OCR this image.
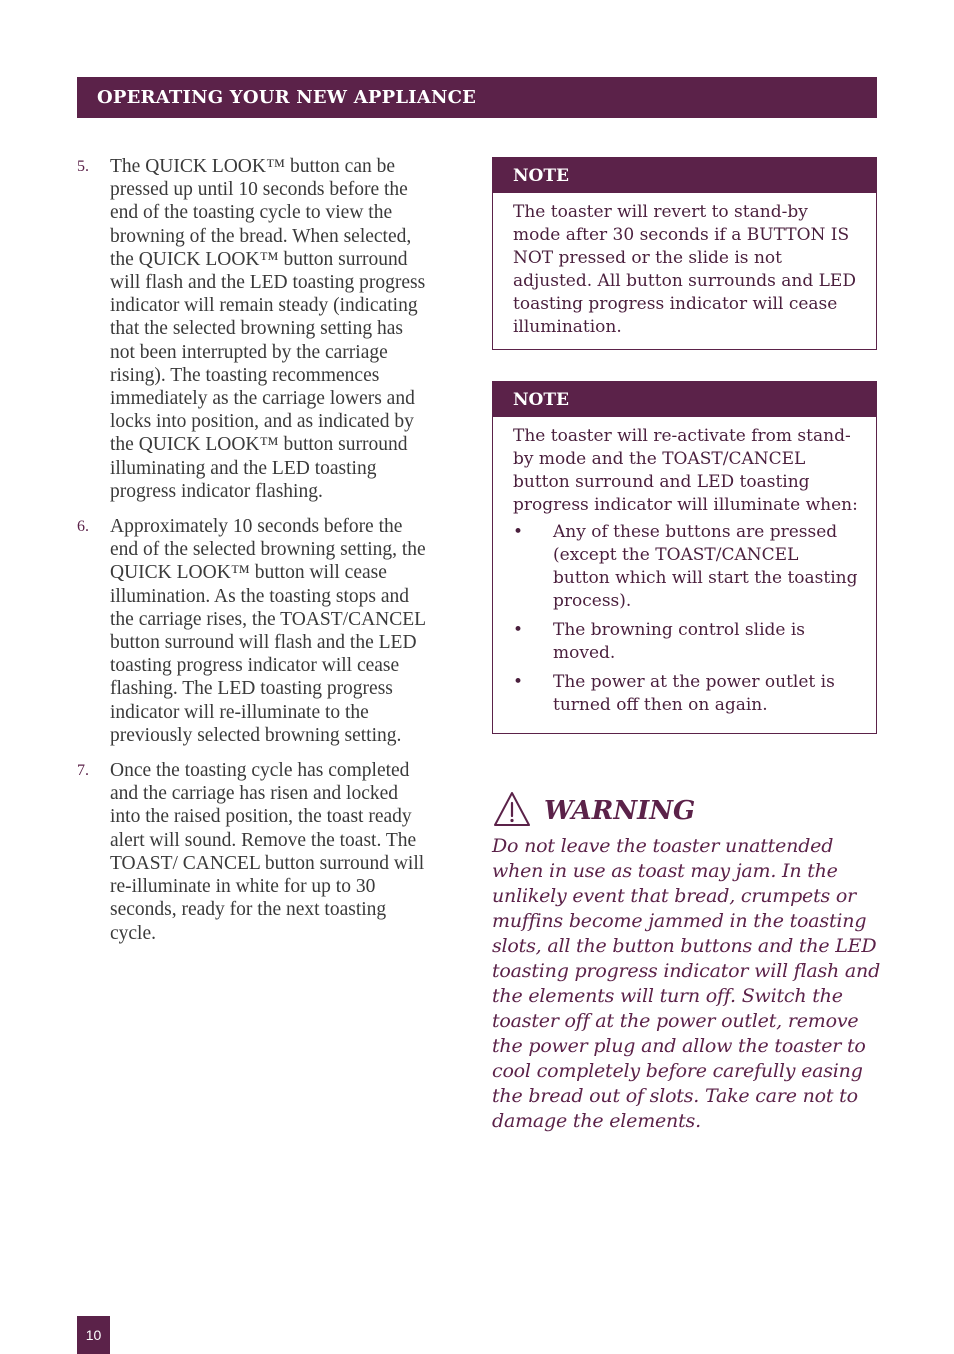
OPERATING YOUR NEW APPLIANCE
5.	The QUICK LOOK™ button can be pressed up until 10 seconds before the end of the toasting cycle to view the browning of the bread. When selected, the QUICK LOOK™ button surround will flash and the LED toasting progress indicator will remain steady (indicating that the selected browning setting has not been interrupted by the carriage rising). The toasting recommences immediately as the carriage lowers and locks into position, and as indicated by the QUICK LOOK™ button surround illuminating and the LED toasting progress indicator flashing.
6.	Approximately 10 seconds before the end of the selected browning setting, the QUICK LOOK™ button will cease illumination. As the toasting stops and the carriage rises, the TOAST/CANCEL button surround will flash and the LED toasting progress indicator will cease flashing. The LED toasting progress indicator will re-illuminate to the previously selected browning setting.
7.	Once the toasting cycle has completed and the carriage has risen and locked into the raised position, the toast ready alert will sound. Remove the toast. The TOAST/ CANCEL button surround will re-illuminate in white for up to 30 seconds, ready for the next toasting cycle.
NOTE
The toaster will revert to stand-by mode after 30 seconds if a BUTTON IS NOT pressed or the slide is not adjusted. All button surrounds and LED toasting progress indicator will cease illumination.
NOTE
The toaster will re-activate from stand-by mode and the TOAST/CANCEL button surround and LED toasting progress indicator will illuminate when:
•	Any of these buttons are pressed (except the TOAST/CANCEL button which will start the toasting process).
•	The browning control slide is moved.
•	The power at the power outlet is turned off then on again.
WARNING
Do not leave the toaster unattended when in use as toast may jam. In the unlikely event that bread, crumpets or muffins become jammed in the toasting slots, all the button buttons and the LED toasting progress indicator will flash and the elements will turn off. Switch the toaster off at the power outlet, remove the power plug and allow the toaster to cool completely before carefully easing the bread out of slots. Take care not to damage the elements.
10
